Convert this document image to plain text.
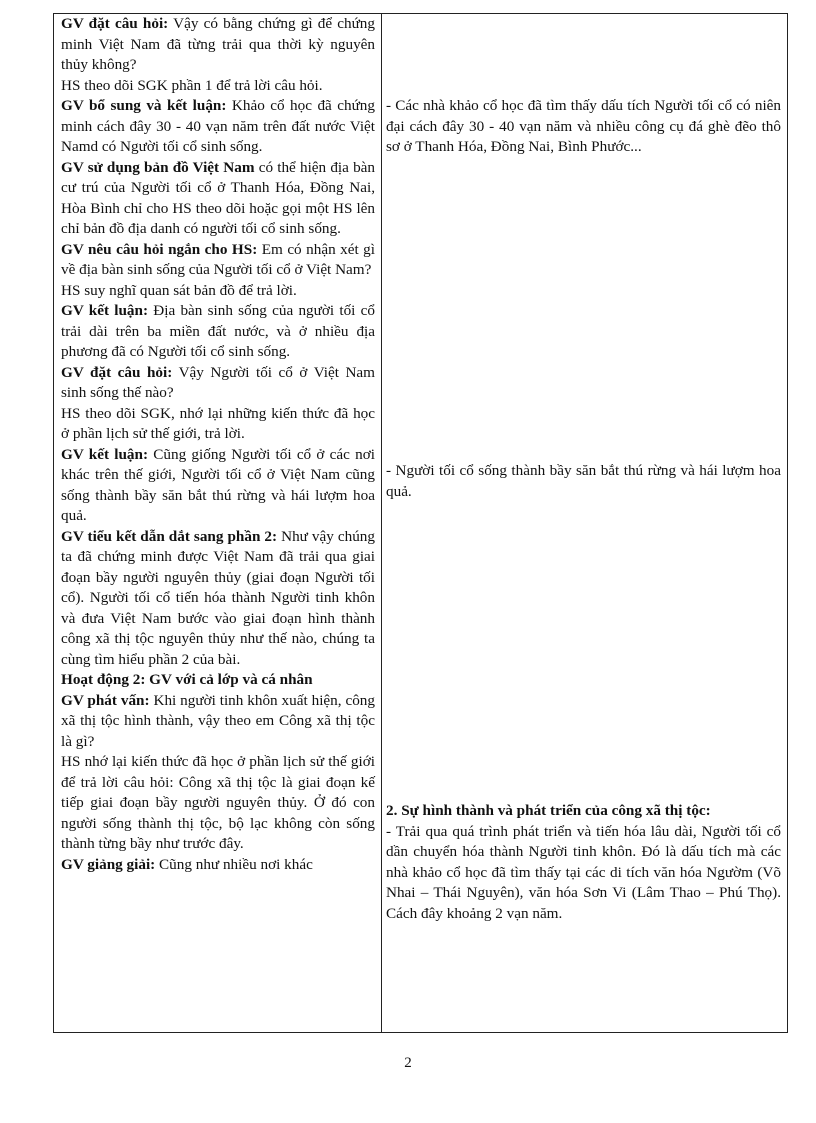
GV đặt câu hỏi: Vậy có bằng chứng gì để chứng minh Việt Nam đã từng trải qua thời kỳ nguyên thủy không?

HS theo dõi SGK phần 1 để trả lời câu hỏi.

GV bổ sung và kết luận: Khảo cổ học đã chứng minh cách đây 30 - 40 vạn năm trên đất nước Việt Namd có Người tối cổ sinh sống.

GV sử dụng bản đồ Việt Nam có thể hiện địa bàn cư trú của Người tối cổ ở Thanh Hóa, Đồng Nai, Hòa Bình chỉ cho HS theo dõi hoặc gọi một HS lên chỉ bản đồ địa danh có người tối cổ sinh sống.

GV nêu câu hỏi ngắn cho HS: Em có nhận xét gì về địa bàn sinh sống của Người tối cổ ở Việt Nam?

HS suy nghĩ quan sát bản đồ để trả lời.

GV kết luận: Địa bàn sinh sống của người tối cổ trải dài trên ba miền đất nước, và ở nhiều địa phương đã có Người tối cổ sinh sống.

GV đặt câu hỏi: Vậy Người tối cổ ở Việt Nam sinh sống thế nào?

HS theo dõi SGK, nhớ lại những kiến thức đã học ở phần lịch sử thế giới, trả lời.

GV kết luận: Cũng giống Người tối cổ ở các nơi khác trên thế giới, Người tối cổ ở Việt Nam cũng sống thành bầy săn bắt thú rừng và hái lượm hoa quả.

GV tiểu kết dẫn dắt sang phần 2: Như vậy chúng ta đã chứng minh được Việt Nam đã trải qua giai đoạn bầy người nguyên thủy (giai đoạn Người tối cổ). Người tối cổ tiến hóa thành Người tinh khôn và đưa Việt Nam bước vào giai đoạn hình thành công xã thị tộc nguyên thủy như thế nào, chúng ta cùng tìm hiểu phần 2 của bài.

Hoạt động 2: GV với cả lớp và cá nhân

GV phát vấn: Khi người tinh khôn xuất hiện, công xã thị tộc hình thành, vậy theo em Công xã thị tộc là gì?

HS nhớ lại kiến thức đã học ở phần lịch sử thế giới để trả lời câu hỏi: Công xã thị tộc là giai đoạn kế tiếp giai đoạn bầy người nguyên thủy. Ở đó con người sống thành thị tộc, bộ lạc không còn sống thành từng bầy như trước đây.

GV giảng giải: Cũng như nhiều nơi khác

- Các nhà khảo cổ học đã tìm thấy dấu tích Người tối cổ có niên đại cách đây 30 - 40 vạn năm và nhiều công cụ đá ghè đẽo thô sơ ở Thanh Hóa, Đồng Nai, Bình Phước...

- Người tối cổ sống thành bầy săn bắt thú rừng và hái lượm hoa quả.

2. Sự hình thành và phát triển của công xã thị tộc:

- Trải qua quá trình phát triển và tiến hóa lâu dài, Người tối cổ dần chuyển hóa thành Người tinh khôn. Đó là dấu tích mà các nhà khảo cổ học đã tìm thấy tại các di tích văn hóa Ngườm (Võ Nhai – Thái Nguyên), văn hóa Sơn Vi (Lâm Thao – Phú Thọ). Cách đây khoảng 2 vạn năm.

2
